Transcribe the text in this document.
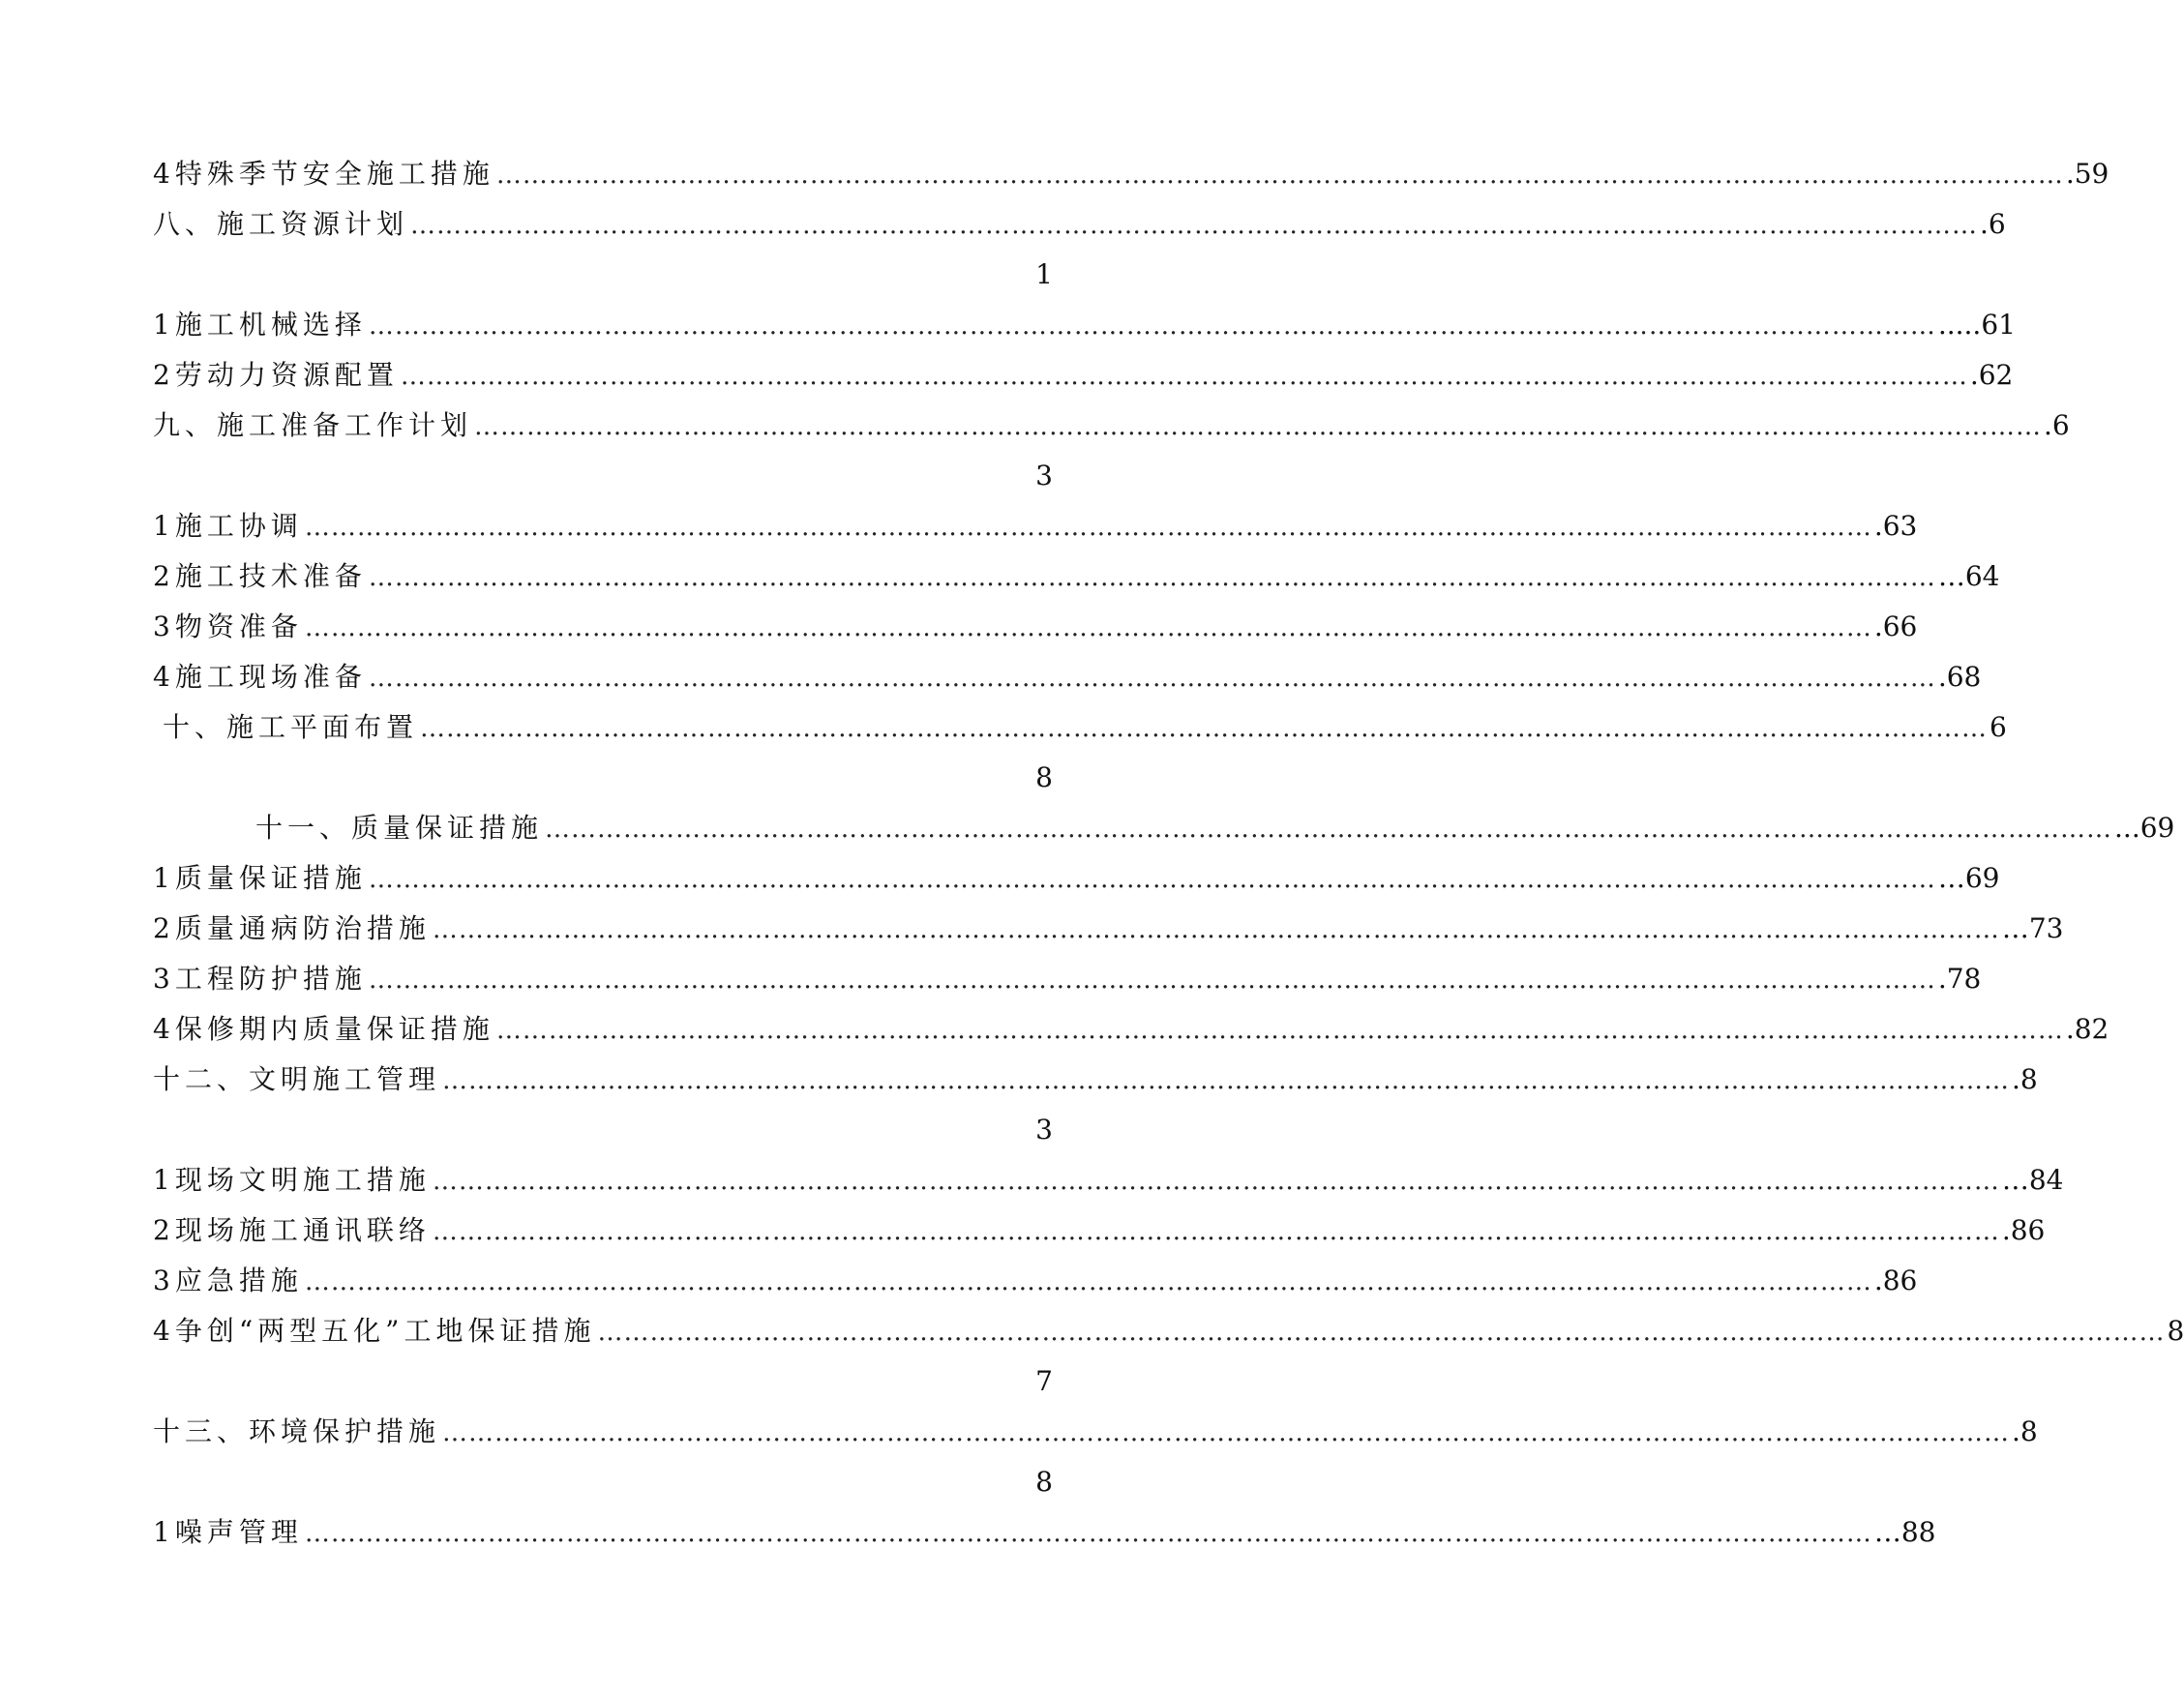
4特殊季节安全施工措施 ……………………………………………………………………………………………………………………………………………………………… .59
八、施工资源计划 ……………………………………………………………………………………………………………………………………………………………… .6
1
1施工机械选择 ……………………………………………………………………………………………………………………………………………………………… .....61
2劳动力资源配置 ……………………………………………………………………………………………………………………………………………………………… .62
九、施工准备工作计划 ……………………………………………………………………………………………………………………………………………………………… .6
3
1施工协调 ……………………………………………………………………………………………………………………………………………………………… .63
2施工技术准备 ……………………………………………………………………………………………………………………………………………………………… …64
3物资准备 ……………………………………………………………………………………………………………………………………………………………… .66
4施工现场准备 ……………………………………………………………………………………………………………………………………………………………… .68
十、施工平面布置 ……………………………………………………………………………………………………………………………………………………………… 6
8
十一、质量保证措施 ……………………………………………………………………………………………………………………………………………………………… ...69
1质量保证措施 ……………………………………………………………………………………………………………………………………………………………… …69
2质量通病防治措施 ……………………………………………………………………………………………………………………………………………………………… …73
3工程防护措施 ……………………………………………………………………………………………………………………………………………………………… .78
4保修期内质量保证措施 ……………………………………………………………………………………………………………………………………………………………… .82
十二、文明施工管理 ……………………………………………………………………………………………………………………………………………………………… .8
3
1现场文明施工措施 ……………………………………………………………………………………………………………………………………………………………… …84
2现场施工通讯联络 ……………………………………………………………………………………………………………………………………………………………… .86
3应急措施 ……………………………………………………………………………………………………………………………………………………………… .86
4争创“两型五化”工地保证措施 ……………………………………………………………………………………………………………………………………………………………… 8
7
十三、环境保护措施 ……………………………………………………………………………………………………………………………………………………………… .8
8
1噪声管理 ……………………………………………………………………………………………………………………………………………………………… …88
